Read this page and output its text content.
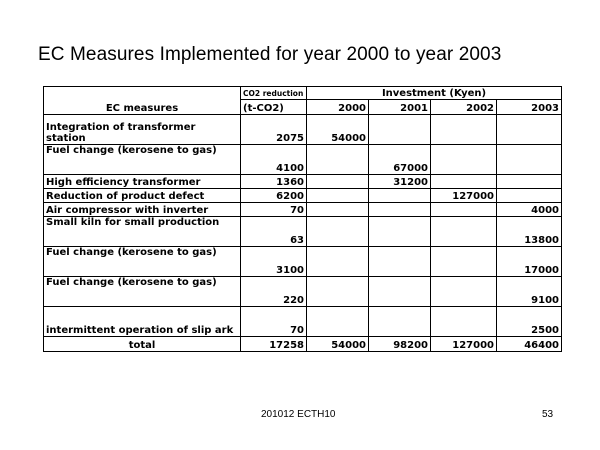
EC Measures Implemented for year 2000 to year 2003
EC measures	CO2 reduction	Investment (Kyen)			
	(t-CO2)	2000	2001	2002	2003
Integration of transformer station	2075	54000			
Fuel change (kerosene to gas)	4100		67000		
High efficiency transformer	1360		31200		
Reduction of product defect	6200			127000	
Air compressor with inverter	70				4000
Small kiln for small production	63				13800
Fuel change (kerosene to gas)	3100				17000
Fuel change (kerosene to gas)	220				9100
intermittent operation of slip ark	70				2500
total	17258	54000	98200	127000	46400
201012 ECTH10	53
